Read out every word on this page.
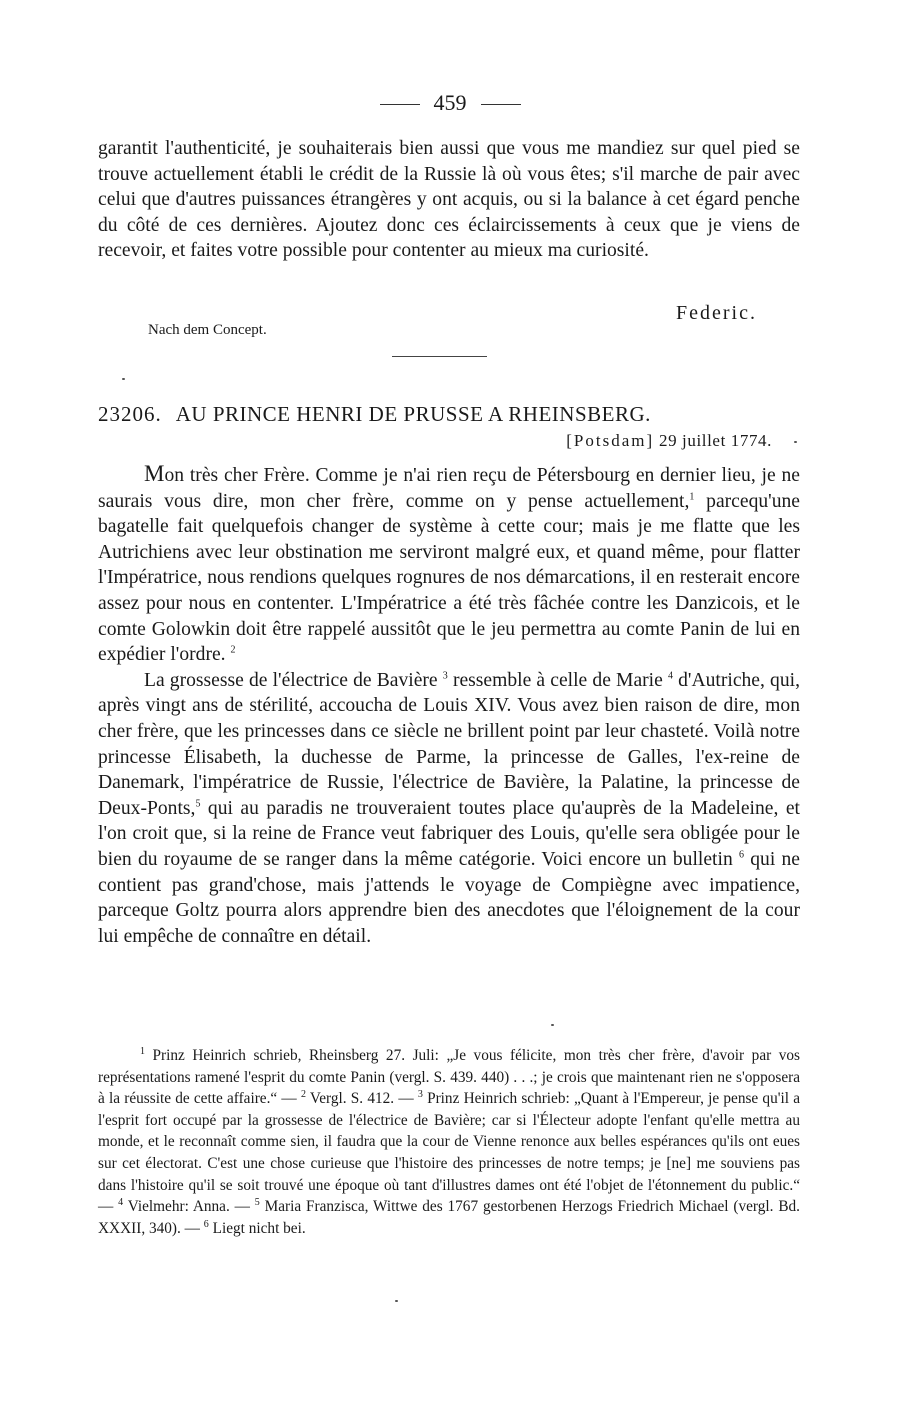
459

garantit l'authenticité, je souhaiterais bien aussi que vous me mandiez sur quel pied se trouve actuellement établi le crédit de la Russie là où vous êtes; s'il marche de pair avec celui que d'autres puissances étrangères y ont acquis, ou si la balance à cet égard penche du côté de ces dernières. Ajoutez donc ces éclaircissements à ceux que je viens de recevoir, et faites votre possible pour contenter au mieux ma curiosité.

Federic.
Nach dem Concept.
23206. AU PRINCE HENRI DE PRUSSE A RHEINSBERG.
[Potsdam] 29 juillet 1774.

Mon très cher Frère. Comme je n'ai rien reçu de Pétersbourg en dernier lieu, je ne saurais vous dire, mon cher frère, comme on y pense actuellement,$^1$ parcequ'une bagatelle fait quelquefois changer de système à cette cour; mais je me flatte que les Autrichiens avec leur obstination me serviront malgré eux, et quand même, pour flatter l'Impératrice, nous rendions quelques rognures de nos démarcations, il en resterait encore assez pour nous en contenter. L'Impératrice a été très fâchée contre les Danzicois, et le comte Golowkin doit être rappelé aussitôt que le jeu permettra au comte Panin de lui en expédier l'ordre. $^2$

La grossesse de l'électrice de Bavière $^3$ ressemble à celle de Marie $^4$ d'Autriche, qui, après vingt ans de stérilité, accoucha de Louis XIV. Vous avez bien raison de dire, mon cher frère, que les princesses dans ce siècle ne brillent point par leur chasteté. Voilà notre princesse Élisabeth, la duchesse de Parme, la princesse de Galles, l'ex-reine de Danemark, l'impératrice de Russie, l'électrice de Bavière, la Palatine, la princesse de Deux-Ponts,$^5$ qui au paradis ne trouveraient toutes place qu'auprès de la Madeleine, et l'on croit que, si la reine de France veut fabriquer des Louis, qu'elle sera obligée pour le bien du royaume de se ranger dans la même catégorie. Voici encore un bulletin $^6$ qui ne contient pas grand'chose, mais j'attends le voyage de Compiègne avec impatience, parceque Goltz pourra alors apprendre bien des anecdotes que l'éloignement de la cour lui empêche de connaître en détail.

$^1$ Prinz Heinrich schrieb, Rheinsberg 27. Juli: „Je vous félicite, mon très cher frère, d'avoir par vos représentations ramené l'esprit du comte Panin (vergl. S. 439. 440) . . .; je crois que maintenant rien ne s'opposera à la réussite de cette affaire.“ — $^2$ Vergl. S. 412. — $^3$ Prinz Heinrich schrieb: „Quant à l'Empereur, je pense qu'il a l'esprit fort occupé par la grossesse de l'électrice de Bavière; car si l'Électeur adopte l'enfant qu'elle mettra au monde, et le reconnaît comme sien, il faudra que la cour de Vienne renonce aux belles espérances qu'ils ont eues sur cet électorat. C'est une chose curieuse que l'histoire des princesses de notre temps; je [ne] me souviens pas dans l'histoire qu'il se soit trouvé une époque où tant d'illustres dames ont été l'objet de l'étonnement du public.“ — $^4$ Vielmehr: Anna. — $^5$ Maria Franzisca, Wittwe des 1767 gestorbenen Herzogs Friedrich Michael (vergl. Bd. XXXII, 340). — $^6$ Liegt nicht bei.
